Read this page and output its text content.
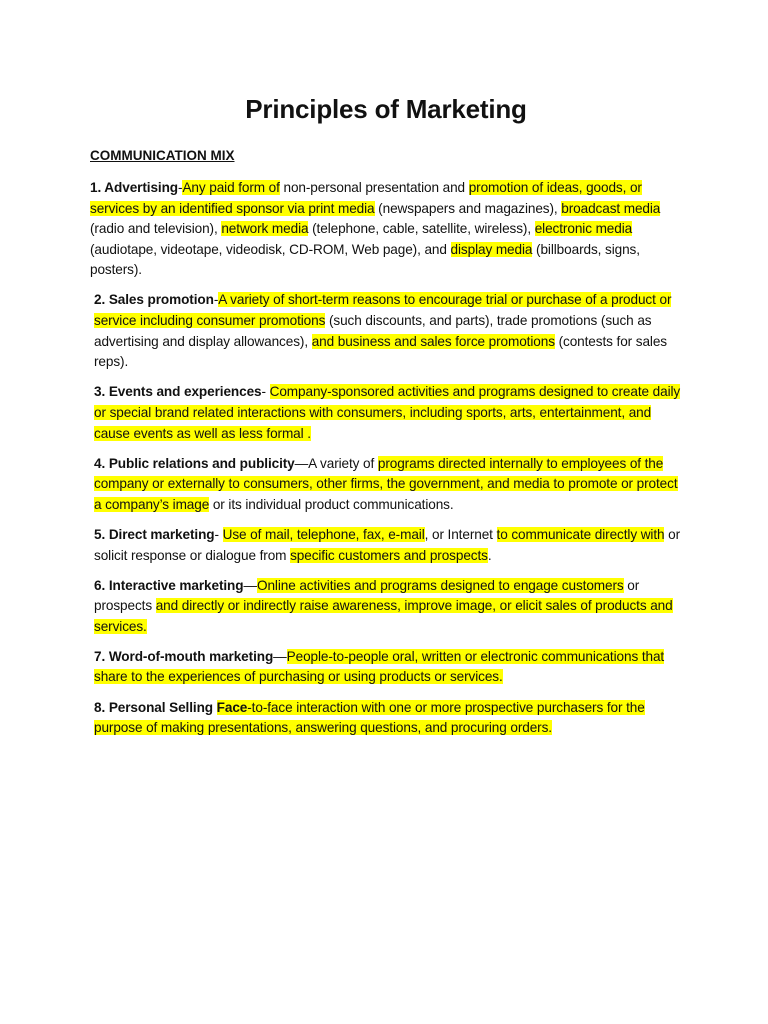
Principles of Marketing

COMMUNICATION MIX

1. Advertising-Any paid form of non-personal presentation and promotion of ideas, goods, or services by an identified sponsor via print media (newspapers and magazines), broadcast media (radio and television), network media (telephone, cable, satellite, wireless), electronic media (audiotape, videotape, videodisk, CD-ROM, Web page), and display media (billboards, signs, posters).

2. Sales promotion-A variety of short-term reasons to encourage trial or purchase of a product or service including consumer promotions (such discounts, and parts), trade promotions (such as advertising and display allowances), and business and sales force promotions (contests for sales reps).

3. Events and experiences- Company-sponsored activities and programs designed to create daily or special brand related interactions with consumers, including sports, arts, entertainment, and cause events as well as less formal .

4. Public relations and publicity—A variety of programs directed internally to employees of the company or externally to consumers, other firms, the government, and media to promote or protect a company’s image or its individual product communications.

5. Direct marketing- Use of mail, telephone, fax, e-mail, or Internet to communicate directly with or solicit response or dialogue from specific customers and prospects.

6. Interactive marketing—Online activities and programs designed to engage customers or prospects and directly or indirectly raise awareness, improve image, or elicit sales of products and services.

7. Word-of-mouth marketing—People-to-people oral, written or electronic communications that share to the experiences of purchasing or using products or services.

8. Personal Selling Face-to-face interaction with one or more prospective purchasers for the purpose of making presentations, answering questions, and procuring orders.
